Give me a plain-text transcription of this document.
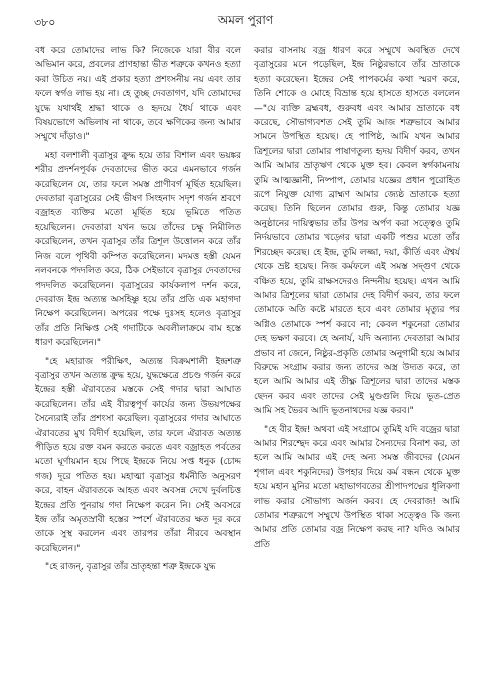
৩৮০	অমল পুরাণ

বধ করে তোমাদের লাভ কি? নিজেকে যারা বীর বলে অভিমান করে, প্রবলের প্রাণহান্তা ভীত শত্রুকে কখনও হত্যা করা উচিত নয়। এই প্রকার হত্যা প্রশংসনীয় নয় এবং তার ফলে স্বর্গও লাভ হয় না। হে তুচ্ছ দেবতাগণ, যদি তোমাদের যুদ্ধে যথার্থই শ্রদ্ধা থাকে ও হৃদয়ে ধৈর্য থাকে এবং বিষয়ভোগে অভিলাষ না থাকে, তবে ক্ষণিকের জন্য আমার সম্মুখে দাঁড়াও।"

মহা বলশালী বৃত্রাসুর ক্রুদ্ধ হয়ে তার বিশাল এবং ভয়ঙ্কর শরীর প্রদর্শনপূর্বক দেবতাদের ভীত করে এমনভাবে গর্জন করেছিলেন যে, তার ফলে সমস্ত প্রাণীবর্গ মূর্ছিত হয়েছিল। দেবতারা বৃত্রাসুরের সেই ভীষণ সিংহনাদ সদৃশ গর্জন শ্রবণে বজ্রাহত ব্যক্তির মতো মূর্ছিত হয়ে ভূমিতে পতিত হয়েছিলেন। দেবতারা যখন ভয়ে তাঁদের চক্ষু নিমীলিত করেছিলেন, তখন বৃত্রাসুর তাঁর ত্রিশূল উত্তোলন করে তাঁর নিজ বলে পৃথিবী কম্পিত করেছিলেন। মদমত্ত হস্তী যেমন নলবনকে পদদলিত করে, ঠিক সেইভাবে বৃত্রাসুর দেবতাদের পদদলিত করেছিলেন। বৃত্রাসুরের কার্যকলাপ দর্শন করে, দেবরাজ ইন্দ্র অত্যন্ত অসহিষ্ণু হয়ে তাঁর প্রতি এক মহাগদা নিক্ষেপ করেছিলেন। অপরের পক্ষে দুঃসহ হলেও বৃত্রাসুর তাঁর প্রতি নিক্ষিপ্ত সেই গদাটিকে অবলীলাক্রমে বাম হস্তে ধারণ করেছিলেন।"

"হে মহারাজ পরীক্ষিৎ, অত্যন্ত বিক্রমশালী ইন্দ্রশত্রু বৃত্রাসুর তখন অত্যন্ত ক্রুদ্ধ হয়ে, যুদ্ধক্ষেত্রে প্রচণ্ড গর্জন করে ইন্দ্রের হস্তী ঐরাবতের মস্তকে সেই গদার দ্বারা আঘাত করেছিলেন। তাঁর এই বীরত্বপূর্ণ কার্যের জন্য উভয়পক্ষের সৈন্যেরাই তাঁর প্রশংসা করেছিল। বৃত্রাসুরের গদার আঘাতে ঐরাবতের মুখ বিদীর্ণ হয়েছিল, তার ফলে ঐরাবত অত্যন্ত পীড়িত হয়ে রক্ত বমন করতে করতে এবং বজ্রাহত পর্বতের মতো ঘূর্ণায়মান হয়ে পিছে ইন্দ্রকে নিয়ে সপ্ত ধনুক (চোদ্দ গজ) দূরে পতিত হয়। মহাত্মা বৃত্রাসুর ধর্মনীতি অনুসরণ করে, বাহন ঐরাবতকে আহত এবং অবসন্ন দেখে দুর্বলচিত্ত ইন্দ্রের প্রতি পুনরায় গদা নিক্ষেপ করেন নি। সেই অবসরে ইন্দ্র তাঁর অমৃতস্রাবী হস্তের স্পর্শে ঐরাবতের ক্ষত দূর করে তাকে সুস্থ করলেন এবং তারপর তাঁরা নীরবে অবস্থান করেছিলেন।"

"হে রাজন্, বৃত্রাসুর তাঁর ভ্রাতৃহন্তা শত্রু ইন্দ্রকে যুদ্ধ

করার বাসনায় বজ্র ধারণ করে সম্মুখে অবস্থিত দেখে বৃত্রাসুরের মনে পড়েছিল, ইন্দ্র নিষ্ঠুরভাবে তাঁর ভ্রাতাকে হত্যা করেছেন। ইন্দ্রের সেই পাপকর্মের কথা স্মরণ করে, তিনি শোকে ও মোহে বিভ্রান্ত হয়ে হাসতে হাসতে বললেন—"যে ব্যক্তি ব্রহ্মবধ, গুরুবধ এবং আমার ভ্রাতাকে বধ করেছে, সৌভাগ্যবশত সেই তুমি আজ শত্রুভাবে আমার সামনে উপস্থিত হয়েছ। হে পাপিষ্ঠ, আমি যখন আমার ত্রিশূলের দ্বারা তোমার পাষাণতুল্য হৃদয় বিদীর্ণ করব, তখন আমি আমার ভ্রাতৃঋণ থেকে মুক্ত হব। কেবল স্বর্গকামনায় তুমি আত্মজ্ঞানী, নিষ্পাপ, তোমার যজ্ঞের প্রধান পুরোহিত রূপে নিযুক্ত যোগ্য ব্রাহ্মণ আমার জ্যেষ্ঠ ভ্রাতাকে হত্যা করেছ। তিনি ছিলেন তোমার গুরু, কিন্তু তোমার যজ্ঞ অনুষ্ঠানের দায়িত্বভার তাঁর উপর অর্পণ করা সত্ত্বেও তুমি নির্দয়ভাবে তোমার খড়্গের দ্বারা একটি পশুর মতো তাঁর শিরচ্ছেদ করেছ। হে ইন্দ্র, তুমি লজ্জা, দয়া, কীর্তি এবং ঐশ্বর্য থেকে ভ্রষ্ট হয়েছ। নিজ কর্মফলে এই সমস্ত সদ্গুণ থেকে বঞ্চিত হয়ে, তুমি রাক্ষসদেরও নিন্দনীয় হয়েছ। এখন আমি আমার ত্রিশূলের দ্বারা তোমার দেহ বিদীর্ণ করব, তার ফলে তোমাকে অতি কষ্টে মারতে হবে এবং তোমার মৃত্যুর পর অগ্নিও তোমাকে স্পর্শ করবে না; কেবল শকুনেরা তোমার দেহ ভক্ষণ করবে। হে অনার্য, যদি অন্যান্য দেবতারা আমার প্রভাব না জেনে, নিষ্ঠুর-প্রকৃতি তোমার অনুগামী হয়ে আমার বিরুদ্ধে সংগ্রাম করার জন্য তাদের অস্ত্র উদ্যত করে, তা হলে আমি আমার এই তীক্ষ্ণ ত্রিশূলের দ্বারা তাদের মস্তক ছেদন করব এবং তাদের সেই মুণ্ডগুলি দিয়ে ভূত-প্রেত আমি সহ ভৈরব আদি ভূতনাথদের যজ্ঞ করব।"

"হে বীর ইন্দ্র! অথবা এই সংগ্রামে তুমিই যদি বজ্রের দ্বারা আমার শিরশ্ছেদ করে এবং আমার সৈন্যদের বিনাশ কর, তা হলে আমি আমার এই দেহ অন্য সমস্ত জীবদের (যেমন শৃগাল এবং শকুনিদের) উপহার দিয়ে কর্ম বন্ধন থেকে মুক্ত হয়ে মহান মুনির মতো মহাভাগবতের শ্রীপাদপদ্মের ধূলিকণা লাভ করার সৌভাগ্য অর্জন করব। হে দেবরাজ! আমি তোমার শত্রুরূপে সম্মুখে উপস্থিত থাকা সত্ত্বেও কি জন্য আমার প্রতি তোমার বজ্র নিক্ষেপ করছ না? যদিও আমার প্রতি
